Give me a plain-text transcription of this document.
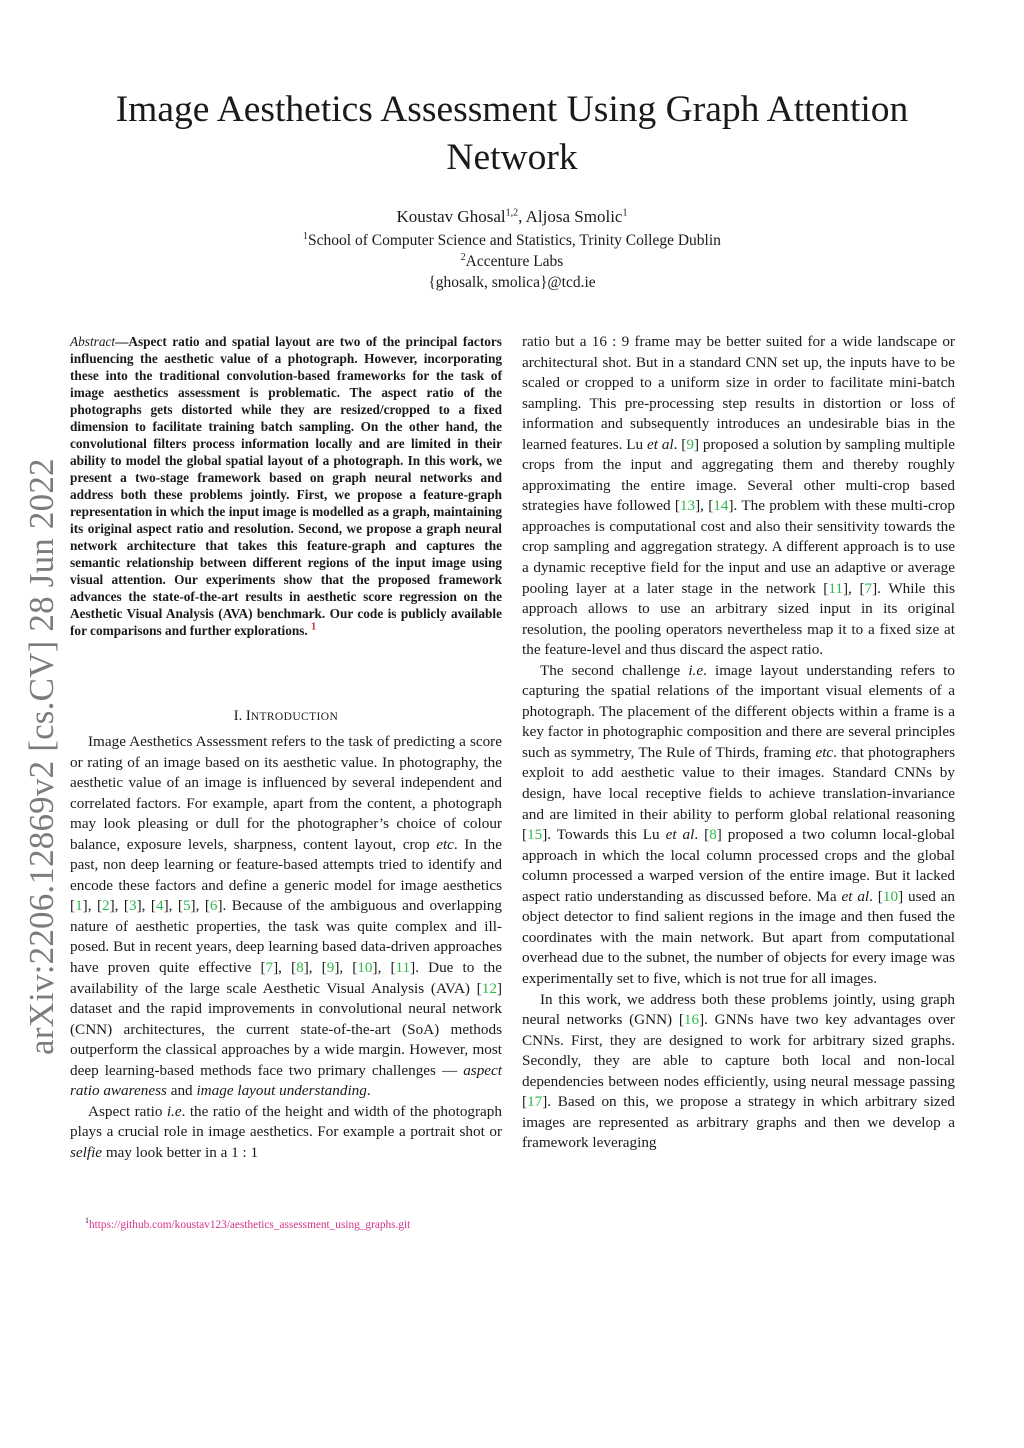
arXiv:2206.12869v2 [cs.CV] 28 Jun 2022
Image Aesthetics Assessment Using Graph Attention Network
Koustav Ghosal$^{1,2}$, Aljosa Smolic$^1$
$^1$School of Computer Science and Statistics, Trinity College Dublin
$^2$Accenture Labs
{ghosalk, smolica}@tcd.ie
Abstract—Aspect ratio and spatial layout are two of the principal factors influencing the aesthetic value of a photograph. However, incorporating these into the traditional convolution-based frameworks for the task of image aesthetics assessment is problematic. The aspect ratio of the photographs gets distorted while they are resized/cropped to a fixed dimension to facilitate training batch sampling. On the other hand, the convolutional filters process information locally and are limited in their ability to model the global spatial layout of a photograph. In this work, we present a two-stage framework based on graph neural networks and address both these problems jointly. First, we propose a feature-graph representation in which the input image is modelled as a graph, maintaining its original aspect ratio and resolution. Second, we propose a graph neural network architecture that takes this feature-graph and captures the semantic relationship between different regions of the input image using visual attention. Our experiments show that the proposed framework advances the state-of-the-art results in aesthetic score regression on the Aesthetic Visual Analysis (AVA) benchmark. Our code is publicly available for comparisons and further explorations. $^1$

I. INTRODUCTION

Image Aesthetics Assessment refers to the task of predicting a score or rating of an image based on its aesthetic value. In photography, the aesthetic value of an image is influenced by several independent and correlated factors. For example, apart from the content, a photograph may look pleasing or dull for the photographer’s choice of colour balance, exposure levels, sharpness, content layout, crop etc. In the past, non deep learning or feature-based attempts tried to identify and encode these factors and define a generic model for image aesthetics [1], [2], [3], [4], [5], [6]. Because of the ambiguous and overlapping nature of aesthetic properties, the task was quite complex and ill-posed. But in recent years, deep learning based data-driven approaches have proven quite effective [7], [8], [9], [10], [11]. Due to the availability of the large scale Aesthetic Visual Analysis (AVA) [12] dataset and the rapid improvements in convolutional neural network (CNN) architectures, the current state-of-the-art (SoA) methods outperform the classical approaches by a wide margin. However, most deep learning-based methods face two primary challenges — aspect ratio awareness and image layout understanding.

Aspect ratio i.e. the ratio of the height and width of the photograph plays a crucial role in image aesthetics. For example a portrait shot or selfie may look better in a 1 : 1

$^1$https://github.com/koustav123/aesthetics_assessment_using_graphs.git

ratio but a 16 : 9 frame may be better suited for a wide landscape or architectural shot. But in a standard CNN set up, the inputs have to be scaled or cropped to a uniform size in order to facilitate mini-batch sampling. This pre-processing step results in distortion or loss of information and subsequently introduces an undesirable bias in the learned features. Lu et al. [9] proposed a solution by sampling multiple crops from the input and aggregating them and thereby roughly approximating the entire image. Several other multi-crop based strategies have followed [13], [14]. The problem with these multi-crop approaches is computational cost and also their sensitivity towards the crop sampling and aggregation strategy. A different approach is to use a dynamic receptive field for the input and use an adaptive or average pooling layer at a later stage in the network [11], [7]. While this approach allows to use an arbitrary sized input in its original resolution, the pooling operators nevertheless map it to a fixed size at the feature-level and thus discard the aspect ratio.

The second challenge i.e. image layout understanding refers to capturing the spatial relations of the important visual elements of a photograph. The placement of the different objects within a frame is a key factor in photographic composition and there are several principles such as symmetry, The Rule of Thirds, framing etc. that photographers exploit to add aesthetic value to their images. Standard CNNs by design, have local receptive fields to achieve translation-invariance and are limited in their ability to perform global relational reasoning [15]. Towards this Lu et al. [8] proposed a two column local-global approach in which the local column processed crops and the global column processed a warped version of the entire image. But it lacked aspect ratio understanding as discussed before. Ma et al. [10] used an object detector to find salient regions in the image and then fused the coordinates with the main network. But apart from computational overhead due to the subnet, the number of objects for every image was experimentally set to five, which is not true for all images.

In this work, we address both these problems jointly, using graph neural networks (GNN) [16]. GNNs have two key advantages over CNNs. First, they are designed to work for arbitrary sized graphs. Secondly, they are able to capture both local and non-local dependencies between nodes efficiently, using neural message passing [17]. Based on this, we propose a strategy in which arbitrary sized images are represented as arbitrary graphs and then we develop a framework leveraging
